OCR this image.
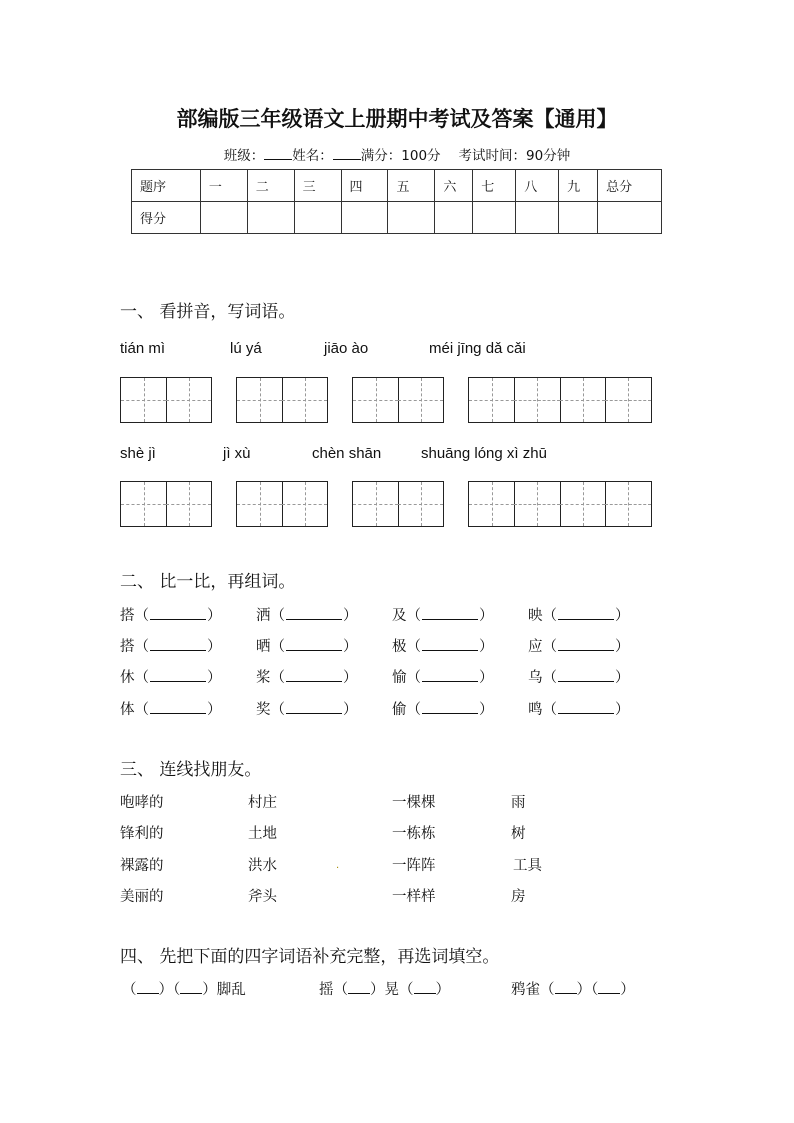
部编版三年级语文上册期中考试及答案【通用】
班级： 姓名： 满分：100分 考试时间：90分钟
题序	一	二	三	四	五	六	七	八	九	总分
得分										
一、 看拼音，写词语。
tián mì	lú yá	jiāo ào	méi jīng dǎ cǎi
shè jì	jì xù	chèn shān	shuāng lóng xì zhū
二、 比一比，再组词。
搭（	） 洒（	） 及（	） 映（	）
搭（	） 晒（	） 极（	） 应（	）
休（	） 桨（	） 愉（	） 乌（	）
体（	） 奖（	） 偷（	） 鸣（	）
三、 连线找朋友。
咆哮的	村庄	一棵棵	雨
锋利的	土地	一栋栋	树
裸露的	洪水	.	一阵阵	工具
美丽的	斧头	一样样	房
四、 先把下面的四字词语补充完整，再选词填空。
（ ）（ ）脚乱	摇（ ）晃（ ）	鸦雀（ ）（ ）
